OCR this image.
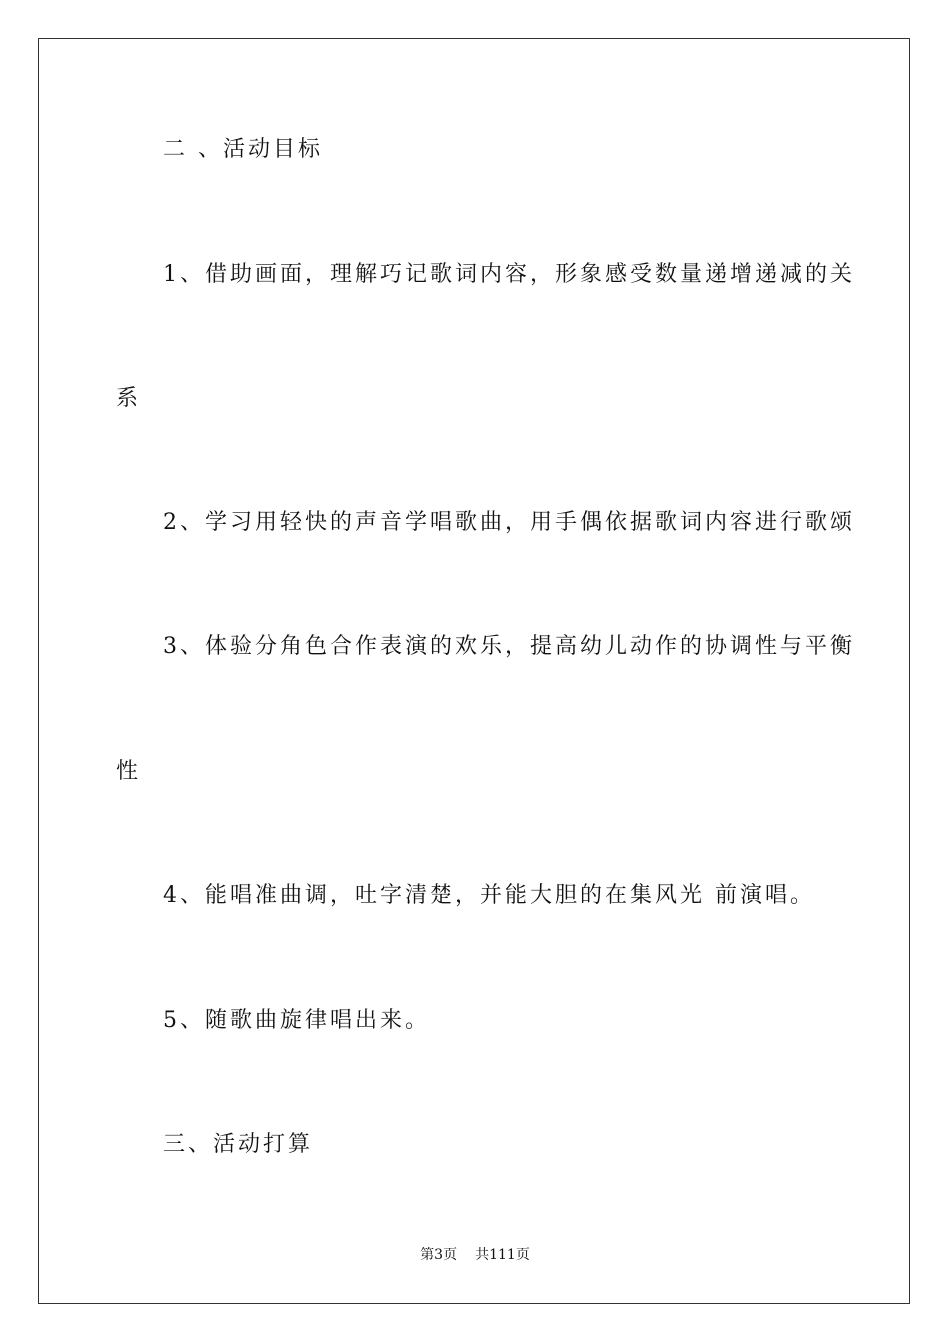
二 、活动目标
1、借助画面，理解巧记歌词内容，形象感受数量递增递减的关
系
2、学习用轻快的声音学唱歌曲，用手偶依据歌词内容进行歌颂
3、体验分角色合作表演的欢乐，提高幼儿动作的协调性与平衡
性
4、能唱准曲调，吐字清楚，并能大胆的在集风光 前演唱。
5、随歌曲旋律唱出来。
三、活动打算
第3页 共111页
